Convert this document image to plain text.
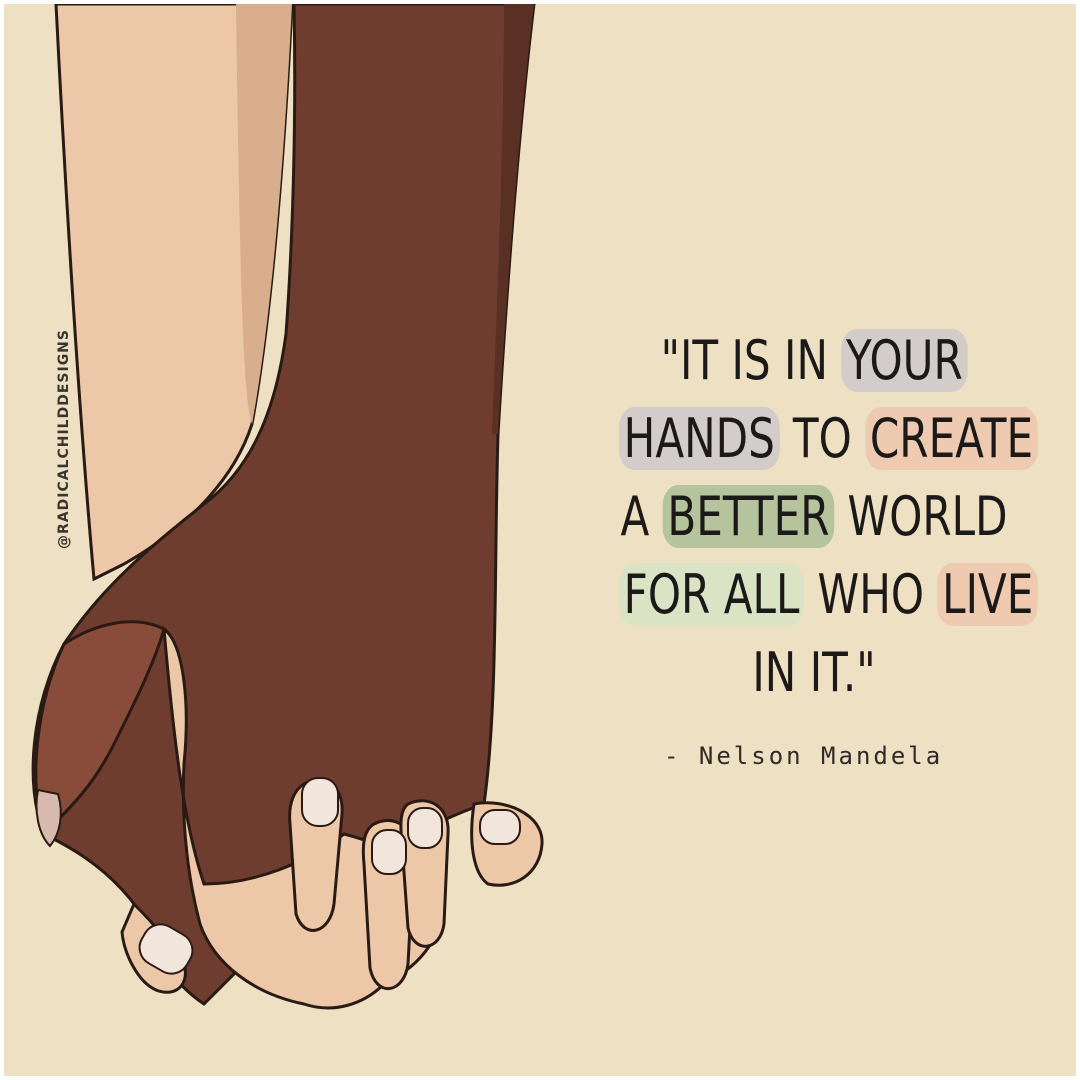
@RADICALCHILDDESIGNS	"IT IS IN YOUR
HANDS TO CREATE
A BETTER WORLD
FOR ALL WHO LIVE
IN IT."
- Nelson Mandela
